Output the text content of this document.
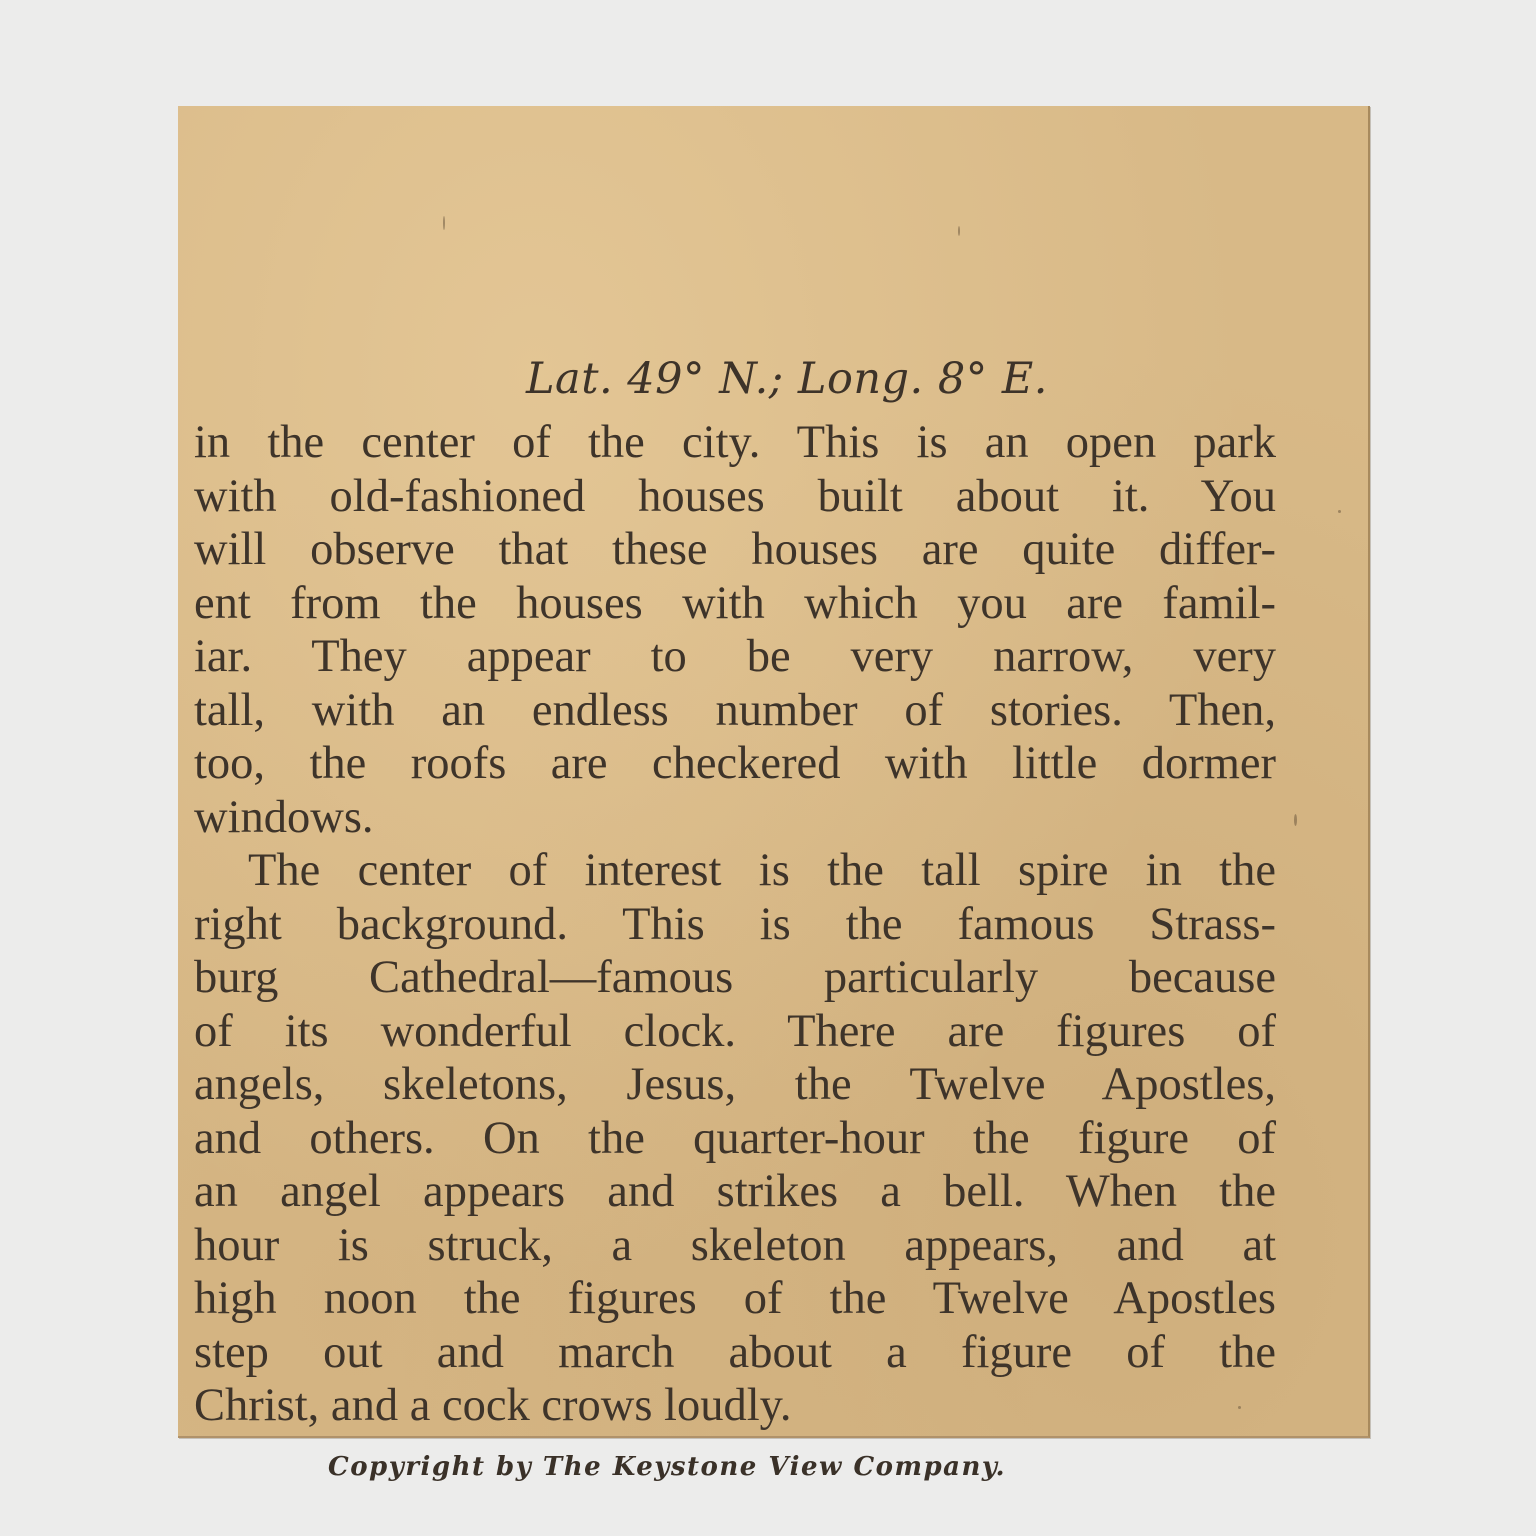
Lat. 49° N.; Long. 8° E.
in the center of the city. This is an open park
with old-fashioned houses built about it. You
will observe that these houses are quite differ-
ent from the houses with which you are famil-
iar. They appear to be very narrow, very
tall, with an endless number of stories. Then,
too, the roofs are checkered with little dormer
windows.
The center of interest is the tall spire in the
right background. This is the famous Strass-
burg Cathedral—famous particularly because
of its wonderful clock. There are figures of
angels, skeletons, Jesus, the Twelve Apostles,
and others. On the quarter-hour the figure of
an angel appears and strikes a bell. When the
hour is struck, a skeleton appears, and at
high noon the figures of the Twelve Apostles
step out and march about a figure of the
Christ, and a cock crows loudly.
Copyright by The Keystone View Company.
